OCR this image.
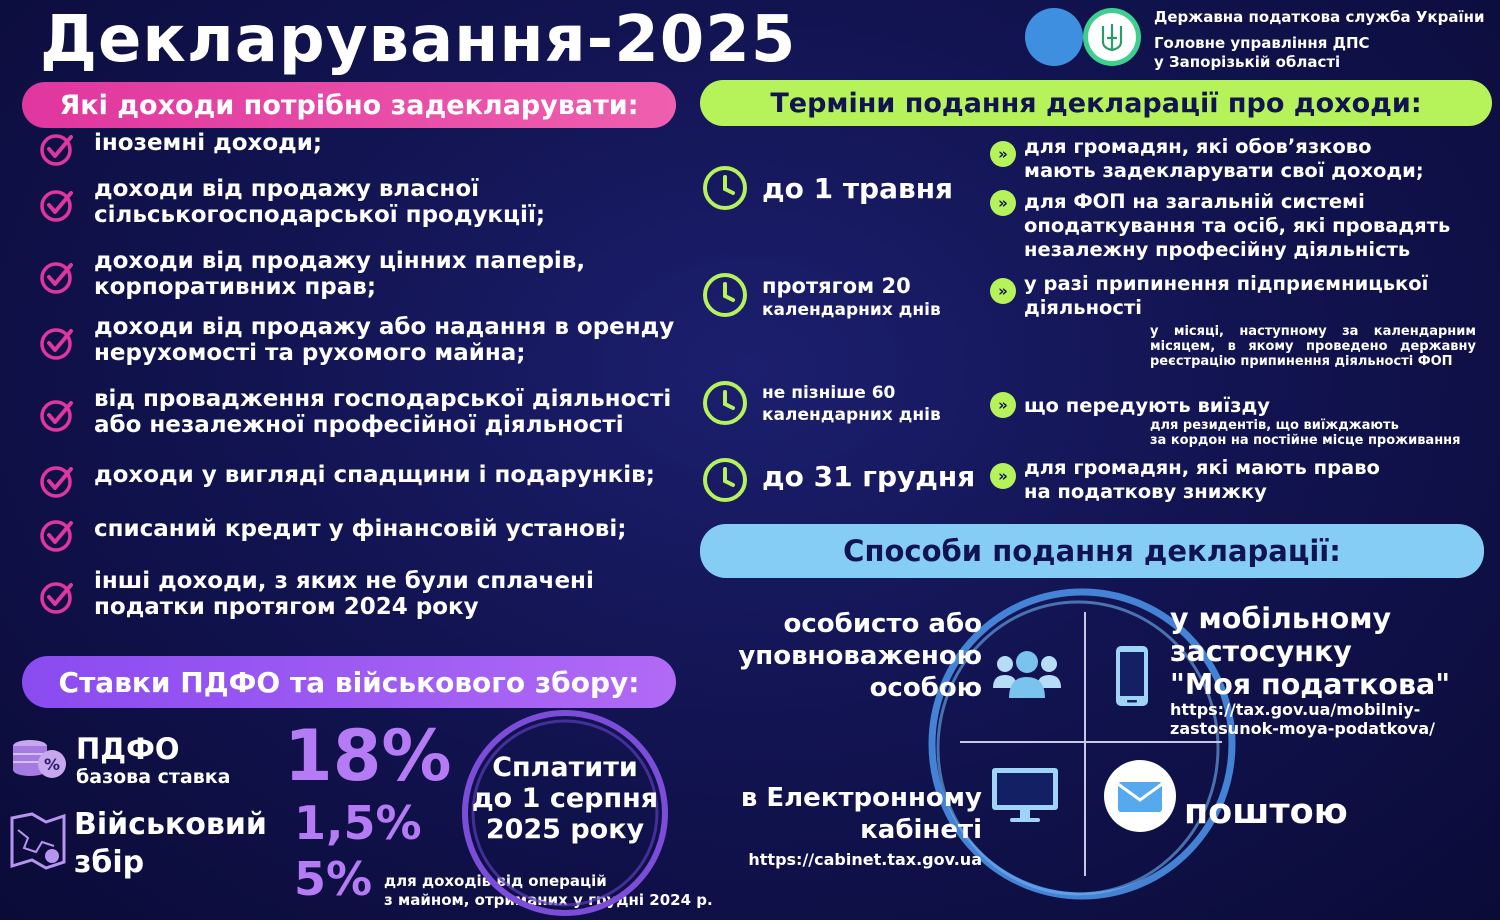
Декларування-2025	Державна податкова служба України
Головне управління ДПС
у Запорізькій області
Які доходи потрібно задекларувати:
іноземні доходи;
доходи від продажу власної
сільськогосподарської продукції;
доходи від продажу цінних паперів,
корпоративних прав;
доходи від продажу або надання в оренду
нерухомості та рухомого майна;
від провадження господарської діяльності
або незалежної професійної діяльності
доходи у вигляді спадщини і подарунків;
списаний кредит у фінансовій установі;
інші доходи, з яких не були сплачені
податки протягом 2024 року
Терміни подання декларації про доходи:
до 1 травня
протягом 20
календарних днів
не пізніше 60
календарних днів
до 31 грудня
»
»
»
»
»
для громадян, які обов’язково
мають задекларувати свої доходи;
для ФОП на загальній системі
оподаткування та осіб, які провадять
незалежну професійну діяльність
у разі припинення підприємницької
діяльності
у місяці, наступному за календарним
місяцем, в якому проведено державну
реєстрацію припинення діяльності ФОП
що передують виїзду
для резидентів, що виїжджають
за кордон на постійне місце проживання
для громадян, які мають право
на податкову знижку
Способи подання декларації:
особисто або
уповноваженою
особою
у мобільному
застосунку
"Моя податкова"
https://tax.gov.ua/mobilniy-
zastosunok-moya-podatkova/
в Електронному
кабінеті
https://cabinet.tax.gov.ua
поштою
Ставки ПДФО та військового збору:
% ПДФО
базова ставка 18%
Військовий
збір
1,5%
5% для доходів від операцій
з майном, отриманих у грудні 2024 р.
Сплатити
до 1 серпня
2025 року
